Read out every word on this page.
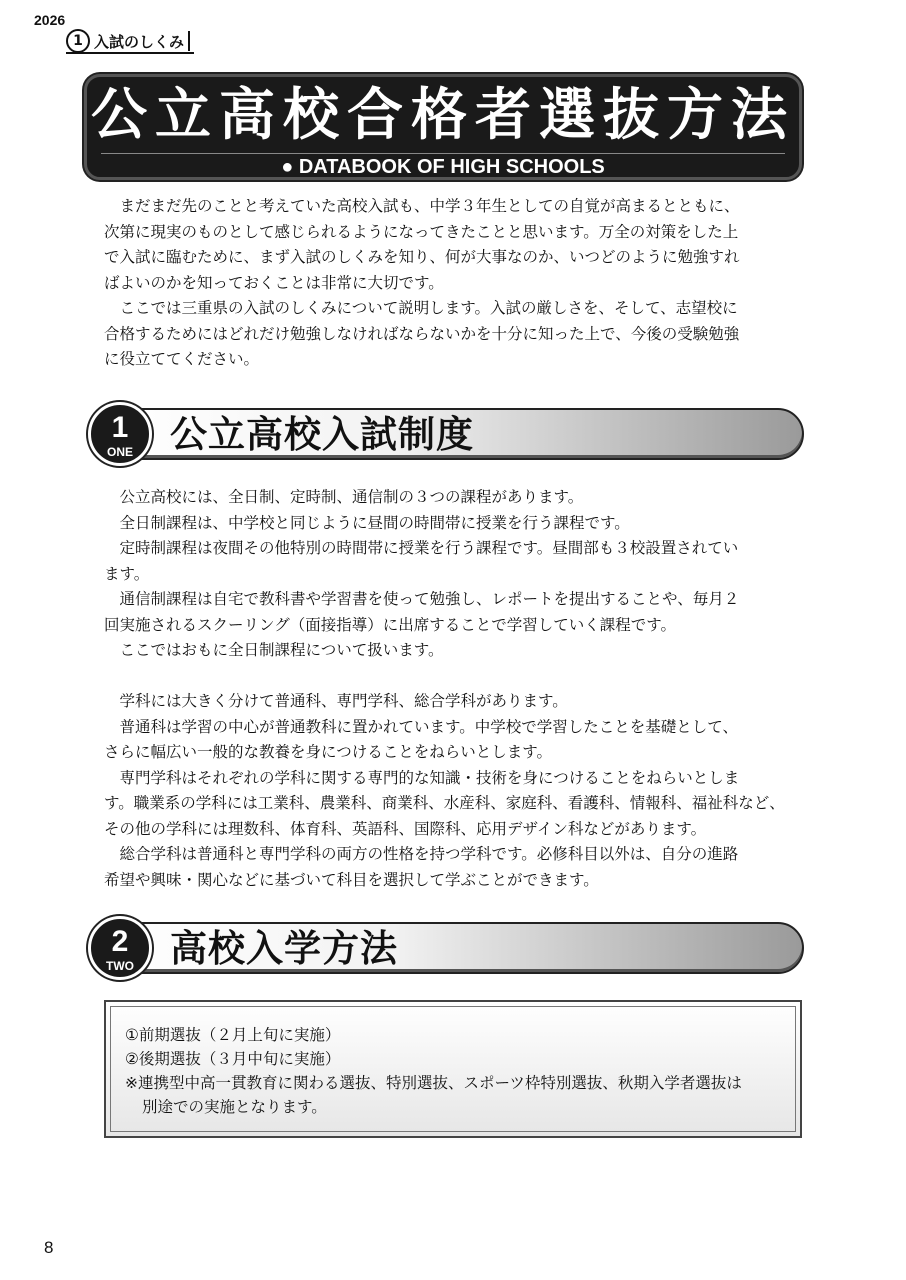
2026
1 入試のしくみ
公立高校合格者選抜方法
● DATABOOK OF HIGH SCHOOLS

まだまだ先のことと考えていた高校入試も、中学３年生としての自覚が高まるとともに、

次第に現実のものとして感じられるようになってきたことと思います。万全の対策をした上

で入試に臨むために、まず入試のしくみを知り、何が大事なのか、いつどのように勉強すれ

ばよいのかを知っておくことは非常に大切です。

ここでは三重県の入試のしくみについて説明します。入試の厳しさを、そして、志望校に

合格するためにはどれだけ勉強しなければならないかを十分に知った上で、今後の受験勉強

に役立ててください。

公立高校入試制度
1
ONE

公立高校には、全日制、定時制、通信制の３つの課程があります。

全日制課程は、中学校と同じように昼間の時間帯に授業を行う課程です。

定時制課程は夜間その他特別の時間帯に授業を行う課程です。昼間部も３校設置されてい

ます。

通信制課程は自宅で教科書や学習書を使って勉強し、レポートを提出することや、毎月２

回実施されるスクーリング（面接指導）に出席することで学習していく課程です。

ここではおもに全日制課程について扱います。

学科には大きく分けて普通科、専門学科、総合学科があります。

普通科は学習の中心が普通教科に置かれています。中学校で学習したことを基礎として、

さらに幅広い一般的な教養を身につけることをねらいとします。

専門学科はそれぞれの学科に関する専門的な知識・技術を身につけることをねらいとしま

す。職業系の学科には工業科、農業科、商業科、水産科、家庭科、看護科、情報科、福祉科など、

その他の学科には理数科、体育科、英語科、国際科、応用デザイン科などがあります。

総合学科は普通科と専門学科の両方の性格を持つ学科です。必修科目以外は、自分の進路

希望や興味・関心などに基づいて科目を選択して学ぶことができます。

高校入学方法
2
TWO
①前期選抜（２月上旬に実施）
②後期選抜（３月中旬に実施）
※連携型中高一貫教育に関わる選抜、特別選抜、スポーツ枠特別選抜、秋期入学者選抜は
別途での実施となります。
8
